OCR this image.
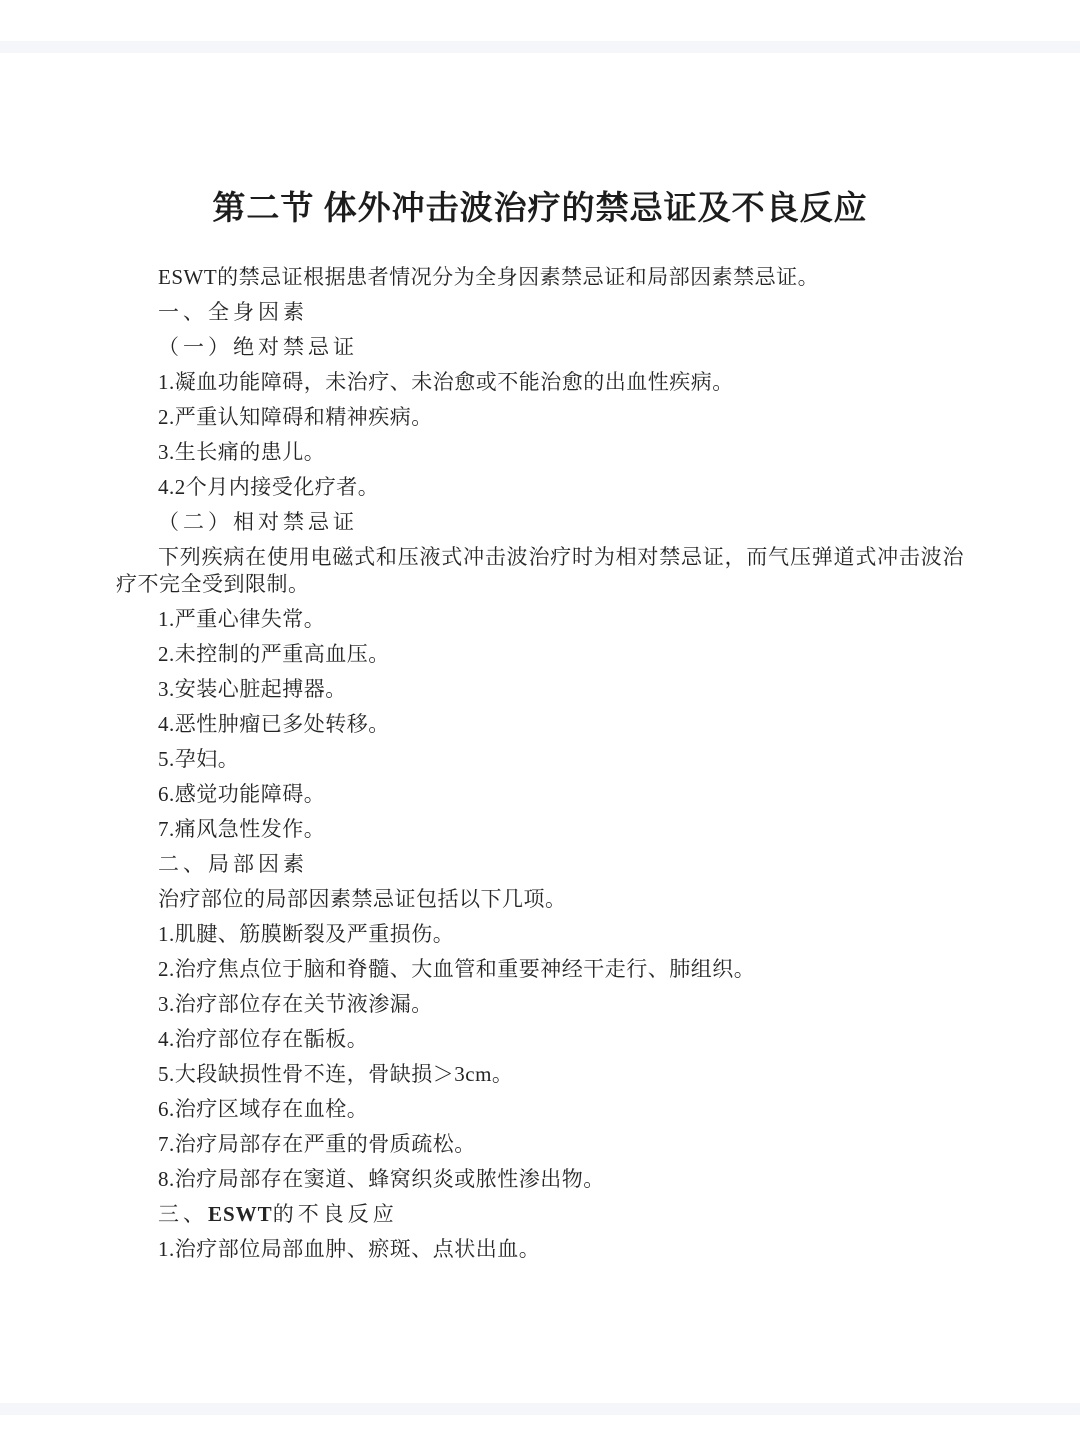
第二节 体外冲击波治疗的禁忌证及不良反应

ESWT的禁忌证根据患者情况分为全身因素禁忌证和局部因素禁忌证。

一、全身因素
（一）绝对禁忌证

1.凝血功能障碍，未治疗、未治愈或不能治愈的出血性疾病。

2.严重认知障碍和精神疾病。

3.生长痛的患儿。

4.2个月内接受化疗者。

（二）相对禁忌证

下列疾病在使用电磁式和压液式冲击波治疗时为相对禁忌证，而气压弹道式冲击波治疗不完全受到限制。

1.严重心律失常。

2.未控制的严重高血压。

3.安装心脏起搏器。

4.恶性肿瘤已多处转移。

5.孕妇。

6.感觉功能障碍。

7.痛风急性发作。

二、局部因素

治疗部位的局部因素禁忌证包括以下几项。

1.肌腱、筋膜断裂及严重损伤。

2.治疗焦点位于脑和脊髓、大血管和重要神经干走行、肺组织。

3.治疗部位存在关节液渗漏。

4.治疗部位存在骺板。

5.大段缺损性骨不连，骨缺损＞3cm。

6.治疗区域存在血栓。

7.治疗局部存在严重的骨质疏松。

8.治疗局部存在窦道、蜂窝织炎或脓性渗出物。

三、ESWT的不良反应

1.治疗部位局部血肿、瘀斑、点状出血。
